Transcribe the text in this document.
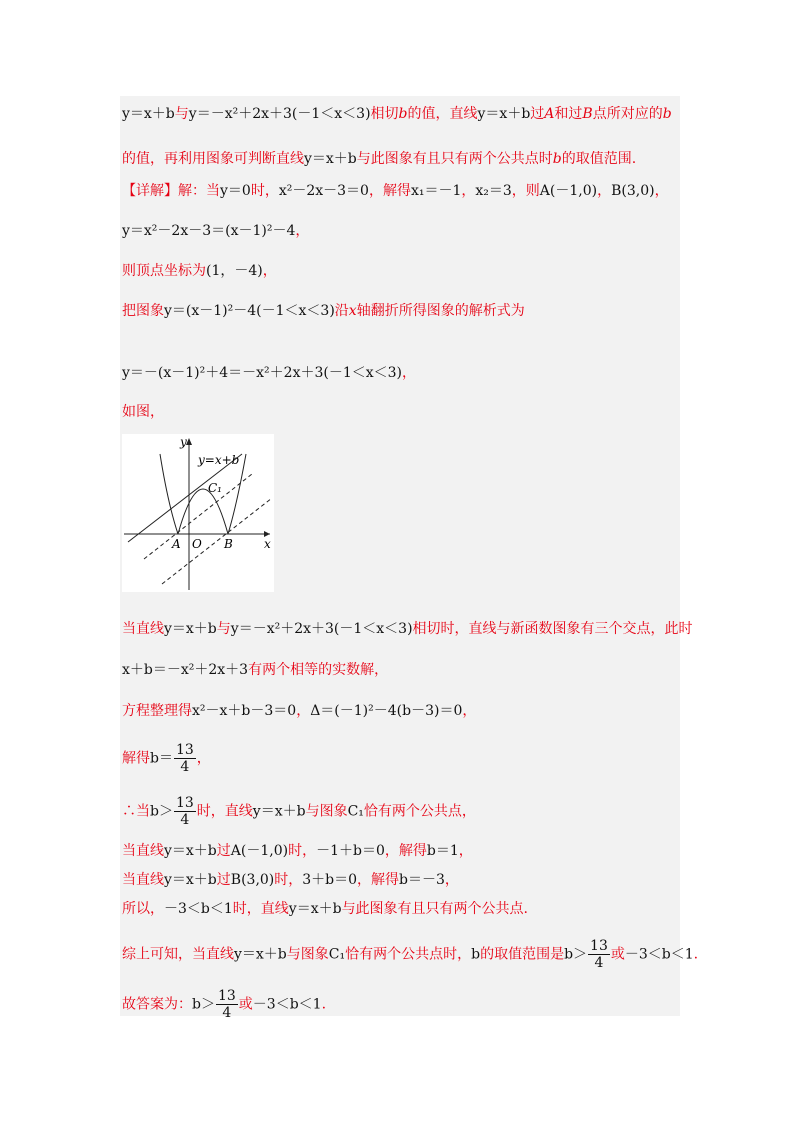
y＝x＋b与y＝－x²＋2x＋3(－1＜x＜3)相切b的值，直线y＝x＋b过A和过B点所对应的b
的值，再利用图象可判断直线y＝x＋b与此图象有且只有两个公共点时b的取值范围.
【详解】解：当y＝0时，x²－2x－3＝0，解得x₁＝－1，x₂＝3，则A(－1,0)，B(3,0)，
y＝x²－2x－3＝(x－1)²－4，
则顶点坐标为(1，－4)，
把图象y＝(x－1)²－4(－1＜x＜3)沿x轴翻折所得图象的解析式为
y＝－(x－1)²＋4＝－x²＋2x＋3(－1＜x＜3)，
如图，
当直线y＝x＋b与y＝－x²＋2x＋3(－1＜x＜3)相切时，直线与新函数图象有三个交点，此时
x＋b＝－x²＋2x＋3有两个相等的实数解，
方程整理得x²－x＋b－3＝0，Δ＝(－1)²－4(b－3)＝0，
解得$b= \frac{13}{4}$ ，
∴当$b> \frac{13}{4}$ 时，直线y＝x＋b与图象C₁恰有两个公共点，
当直线y＝x＋b过A(－1,0)时，－1＋b＝0，解得b＝1，
当直线y＝x＋b过B(3,0)时，3＋b＝0，解得b＝－3，
所以，－3＜b＜1时，直线y＝x＋b与此图象有且只有两个公共点.
综上可知，当直线y＝x＋b与图象C₁恰有两个公共点时，b的取值范围是$b> \frac{13}{4}$ 或－3＜b＜1.
故答案为：$b> \frac{13}{4}$ 或－3＜b＜1.
y
x
y=x+b
C₁
A O B
